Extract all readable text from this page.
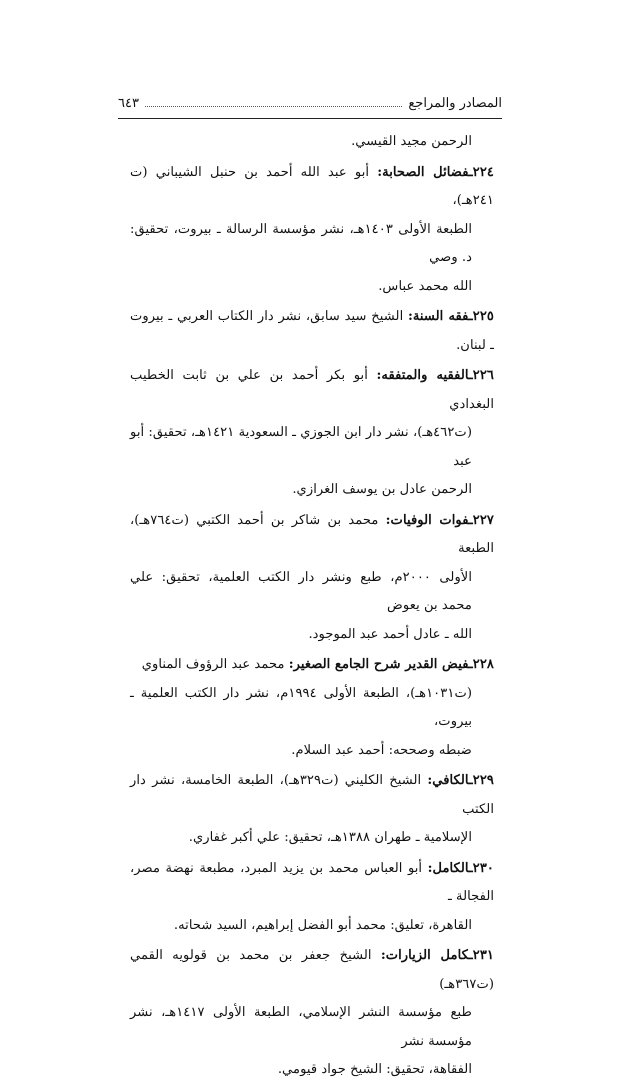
المصادر والمراجع
٦٤٣
الرحمن مجيد القيسي.
٢٢٤ـفضائل الصحابة: أبو عبد الله أحمد بن حنبل الشيباني (ت ٢٤١هـ)،
الطبعة الأولى ١٤٠٣هـ، نشر مؤسسة الرسالة ـ بيروت، تحقيق: د. وصي
الله محمد عباس.
٢٢٥ـفقه السنة: الشيخ سيد سابق، نشر دار الكتاب العربي ـ بيروت ـ لبنان.
٢٢٦ـالفقيه والمتفقه: أبو بكر أحمد بن علي بن ثابت الخطيب البغدادي
(ت٤٦٢هـ)، نشر دار ابن الجوزي ـ السعودية ١٤٢١هـ، تحقيق: أبو عبد
الرحمن عادل بن يوسف الغرازي.
٢٢٧ـفوات الوفيات: محمد بن شاكر بن أحمد الكتبي (ت٧٦٤هـ)، الطبعة
الأولى ٢٠٠٠م، طبع ونشر دار الكتب العلمية، تحقيق: علي محمد بن يعوض
الله ـ عادل أحمد عبد الموجود.
٢٢٨ـفيض القدير شرح الجامع الصغير: محمد عبد الرؤوف المناوي
(ت١٠٣١هـ)، الطبعة الأولى ١٩٩٤م، نشر دار الكتب العلمية ـ بيروت،
ضبطه وصححه: أحمد عبد السلام.
٢٢٩ـالكافي: الشيخ الكليني (ت٣٢٩هـ)، الطبعة الخامسة، نشر دار الكتب
الإسلامية ـ طهران ١٣٨٨هـ، تحقيق: علي أكبر غفاري.
٢٣٠ـالكامل: أبو العباس محمد بن يزيد المبرد، مطبعة نهضة مصر، الفجالة ـ
القاهرة، تعليق: محمد أبو الفضل إبراهيم، السيد شحاته.
٢٣١ـكامل الزيارات: الشيخ جعفر بن محمد بن قولويه القمي (ت٣٦٧هـ)
طبع مؤسسة النشر الإسلامي، الطبعة الأولى ١٤١٧هـ، نشر مؤسسة نشر
الفقاهة، تحقيق: الشيخ جواد قيومي.
